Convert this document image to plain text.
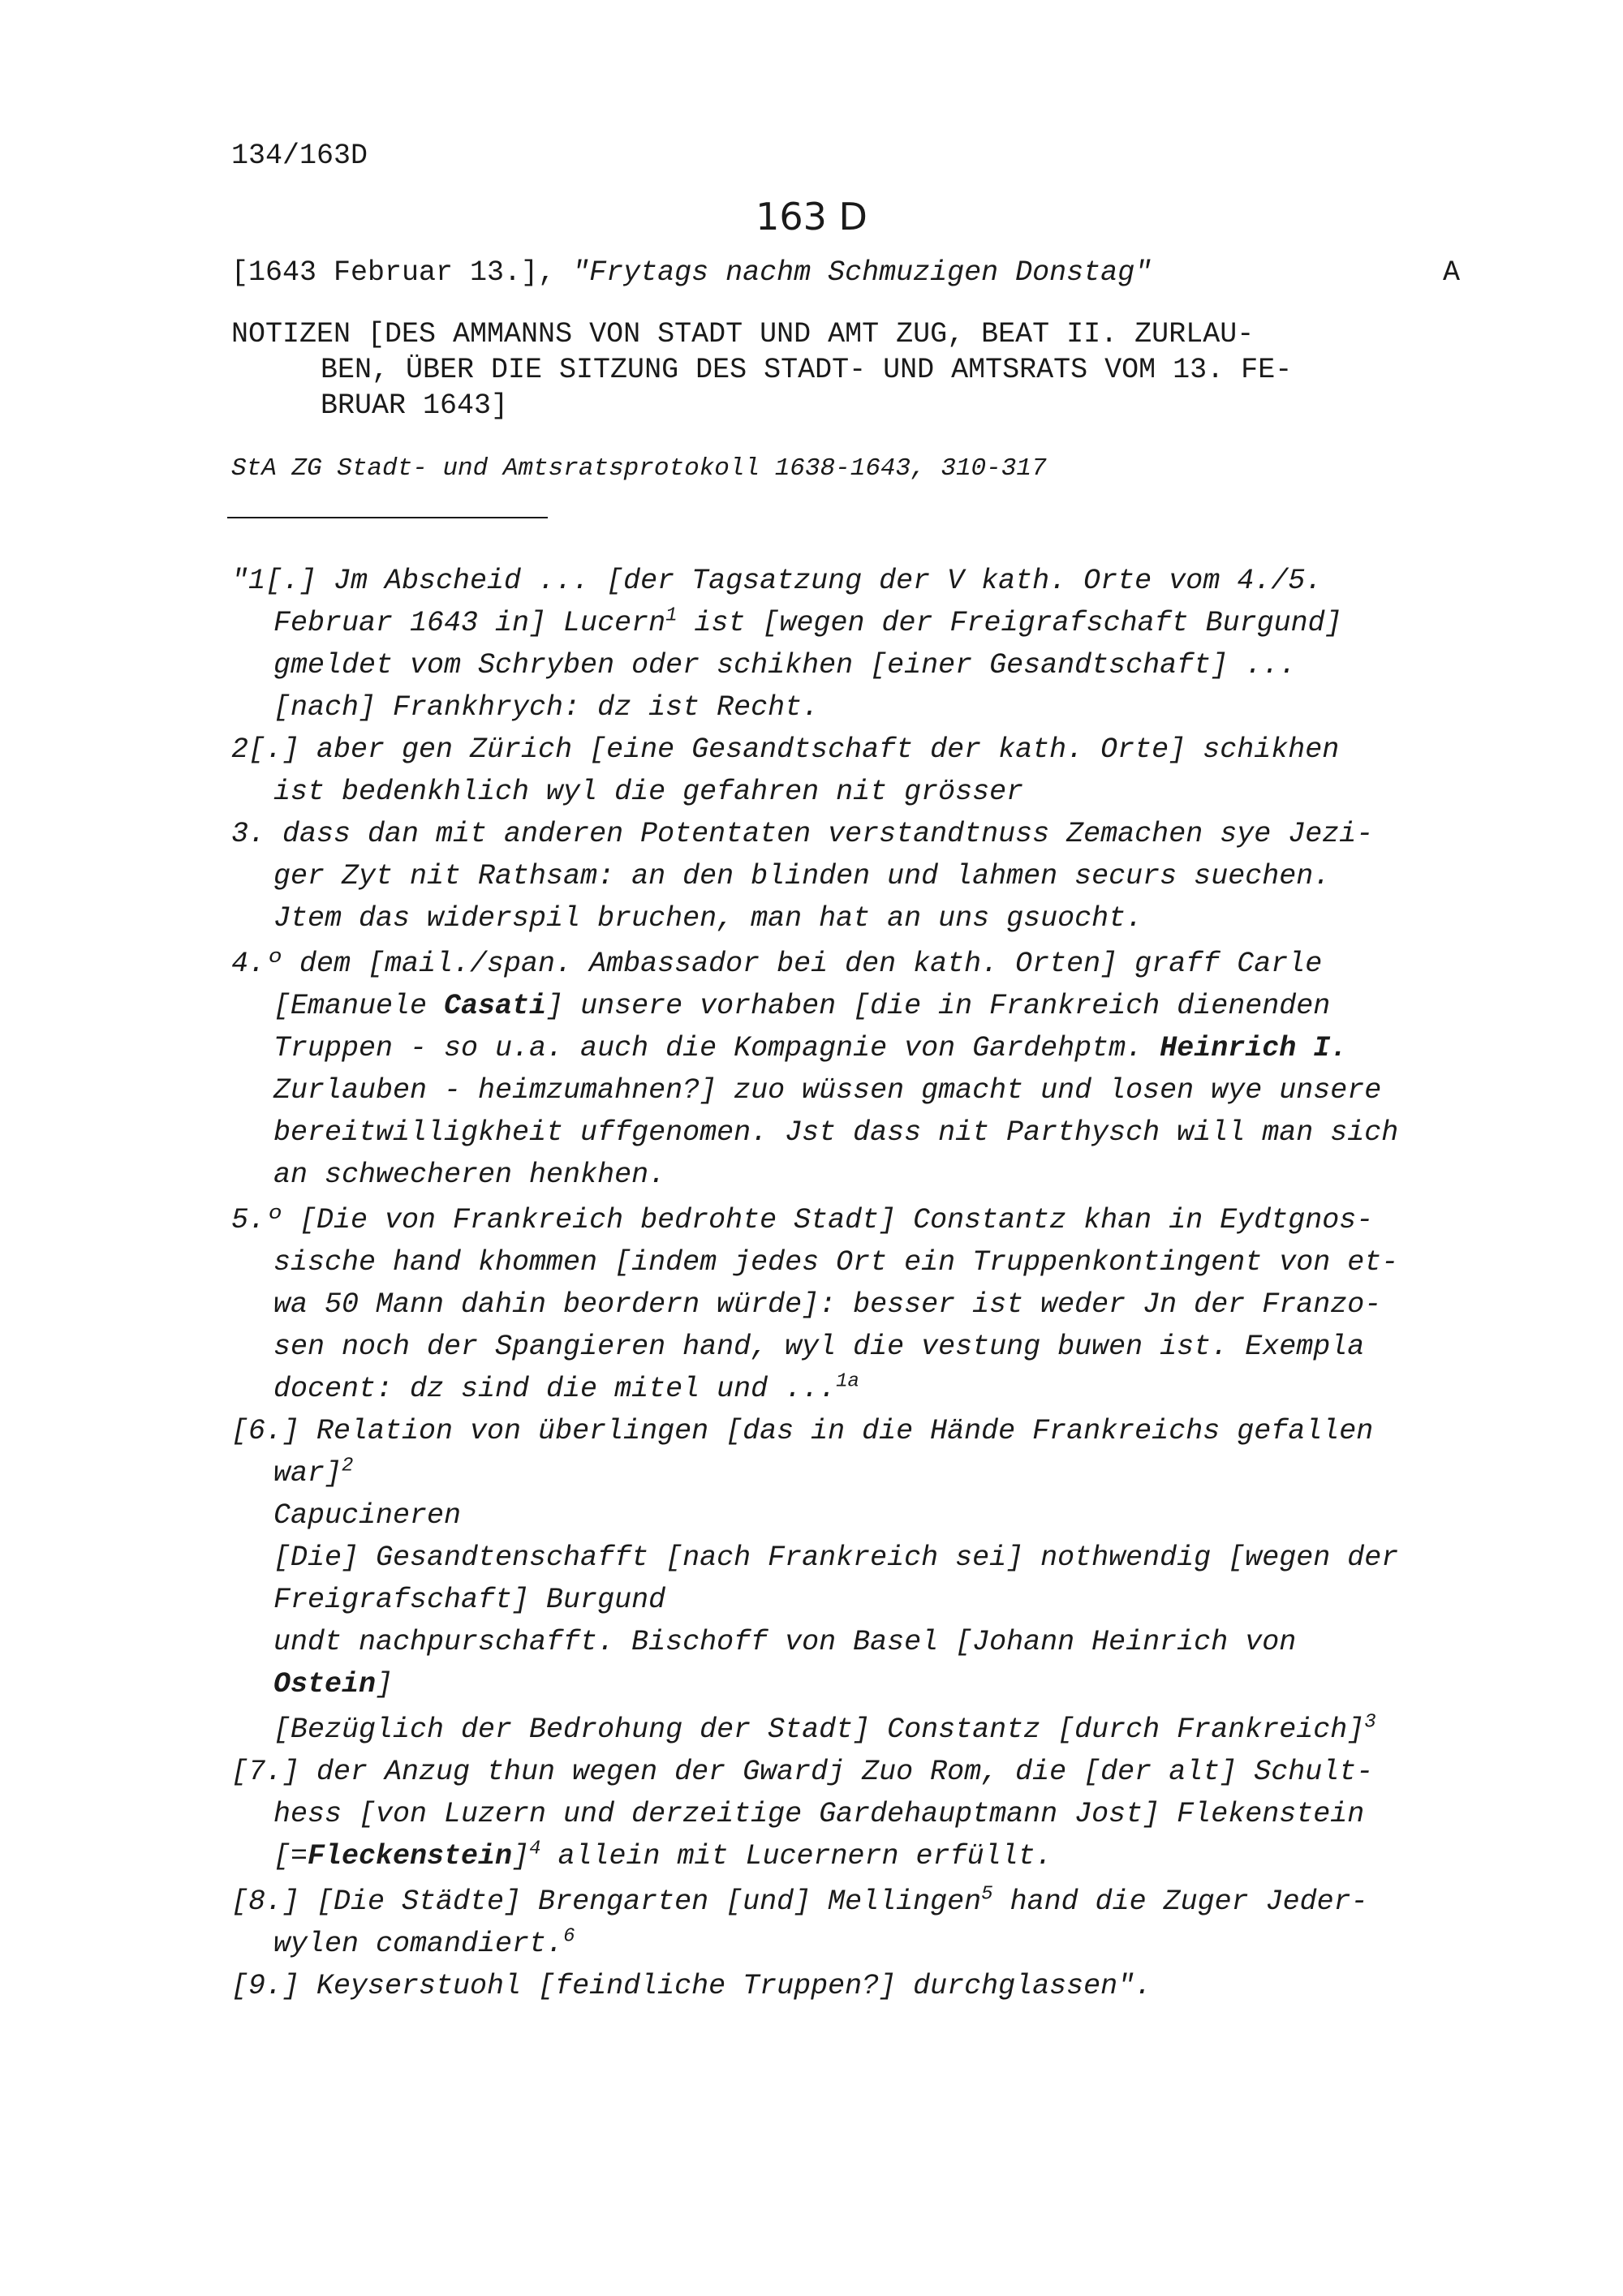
134/163D
163 D
[1643 Februar 13.], "Frytags nachm Schmuzigen Donstag"	A
NOTIZEN [DES AMMANNS VON STADT UND AMT ZUG, BEAT II. ZURLAU-
BEN, ÜBER DIE SITZUNG DES STADT- UND AMTSRATS VOM 13. FE-
BRUAR 1643]
StA ZG Stadt- und Amtsratsprotokoll 1638-1643, 310-317
"1[.] Jm Abscheid ... [der Tagsatzung der V kath. Orte vom 4./5.
Februar 1643 in] Lucern$^1$ ist [wegen der Freigrafschaft Burgund]
gmeldet vom Schryben oder schikhen [einer Gesandtschaft] ...
[nach] Frankhrych: dz ist Recht.
2[.] aber gen Zürich [eine Gesandtschaft der kath. Orte] schikhen
ist bedenkhlich wyl die gefahren nit grösser
3. dass dan mit anderen Potentaten verstandtnuss Zemachen sye Jezi-
ger Zyt nit Rathsam: an den blinden und lahmen securs suechen.
Jtem das widerspil bruchen, man hat an uns gsuocht.
4.º dem [mail./span. Ambassador bei den kath. Orten] graff Carle
[Emanuele Casati] unsere vorhaben [die in Frankreich dienenden
Truppen - so u.a. auch die Kompagnie von Gardehptm. Heinrich I.
Zurlauben - heimzumahnen?] zuo wüssen gmacht und losen wye unsere
bereitwilligkheit uffgenomen. Jst dass nit Parthysch will man sich
an schwecheren henkhen.
5.º [Die von Frankreich bedrohte Stadt] Constantz khan in Eydtgnos-
sische hand khommen [indem jedes Ort ein Truppenkontingent von et-
wa 50 Mann dahin beordern würde]: besser ist weder Jn der Franzo-
sen noch der Spangieren hand, wyl die vestung buwen ist. Exempla
docent: dz sind die mitel und ...$^{1a}$
[6.] Relation von überlingen [das in die Hände Frankreichs gefallen
war]$^2$
Capucineren
[Die] Gesandtenschafft [nach Frankreich sei] nothwendig [wegen der
Freigrafschaft] Burgund
undt nachpurschafft. Bischoff von Basel [Johann Heinrich von
Ostein]
[Bezüglich der Bedrohung der Stadt] Constantz [durch Frankreich]$^3$
[7.] der Anzug thun wegen der Gwardj Zuo Rom, die [der alt] Schult-
hess [von Luzern und derzeitige Gardehauptmann Jost] Flekenstein
[=Fleckenstein]$^4$ allein mit Lucernern erfüllt.
[8.] [Die Städte] Brengarten [und] Mellingen$^5$ hand die Zuger Jeder-
wylen comandiert.$^6$
[9.] Keyserstuohl [feindliche Truppen?] durchglassen".
